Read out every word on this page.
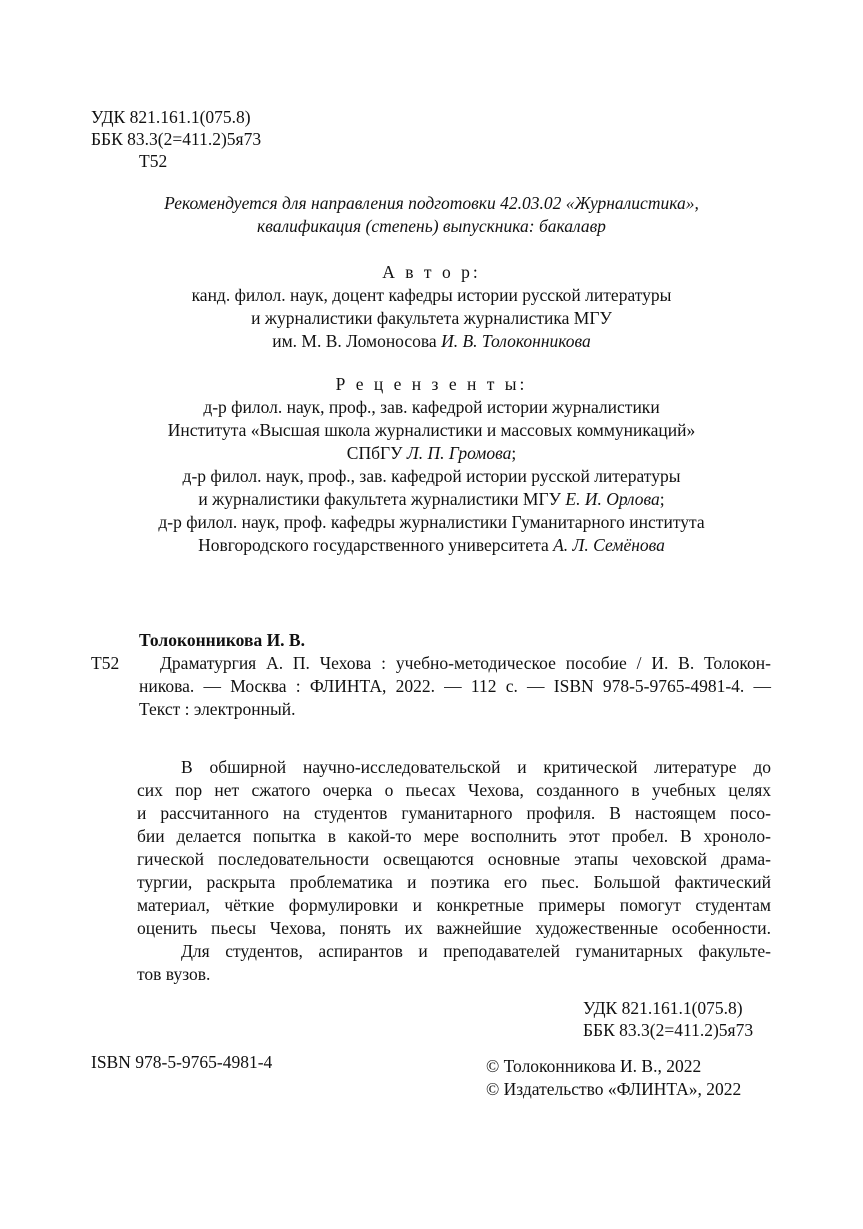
УДК 821.161.1(075.8)
ББК 83.3(2=411.2)5я73
Т52
Рекомендуется для направления подготовки 42.03.02 «Журналистика»,
квалификация (степень) выпускника: бакалавр
А в т о р:
канд. филол. наук, доцент кафедры истории русской литературы
и журналистики факультета журналистика МГУ
им. М. В. Ломоносова И. В. Толоконникова
Р е ц е н з е н т ы:
д-р филол. наук, проф., зав. кафедрой истории журналистики
Института «Высшая школа журналистики и массовых коммуникаций»
СПбГУ Л. П. Громова;
д-р филол. наук, проф., зав. кафедрой истории русской литературы
и журналистики факультета журналистики МГУ Е. И. Орлова;
д-р филол. наук, проф. кафедры журналистики Гуманитарного института
Новгородского государственного университета А. Л. Семёнова
Толоконникова И. В.
Т52 Драматургия А. П. Чехова : учебно-методическое пособие / И. В. Толокон-
никова. — Москва : ФЛИНТА, 2022. — 112 с. — ISBN 978-5-9765-4981-4. —
Текст : электронный.
В обширной научно-исследовательской и критической литературе до
сих пор нет сжатого очерка о пьесах Чехова, созданного в учебных целях
и рассчитанного на студентов гуманитарного профиля. В настоящем посо-
бии делается попытка в какой-то мере восполнить этот пробел. В хроноло-
гической последовательности освещаются основные этапы чеховской драма-
тургии, раскрыта проблематика и поэтика его пьес. Большой фактический
материал, чёткие формулировки и конкретные примеры помогут студентам
оценить пьесы Чехова, понять их важнейшие художественные особенности.
Для студентов, аспирантов и преподавателей гуманитарных факульте-
тов вузов.
УДК 821.161.1(075.8)
ББК 83.3(2=411.2)5я73
ISBN 978-5-9765-4981-4	© Толоконникова И. В., 2022
© Издательство «ФЛИНТА», 2022
